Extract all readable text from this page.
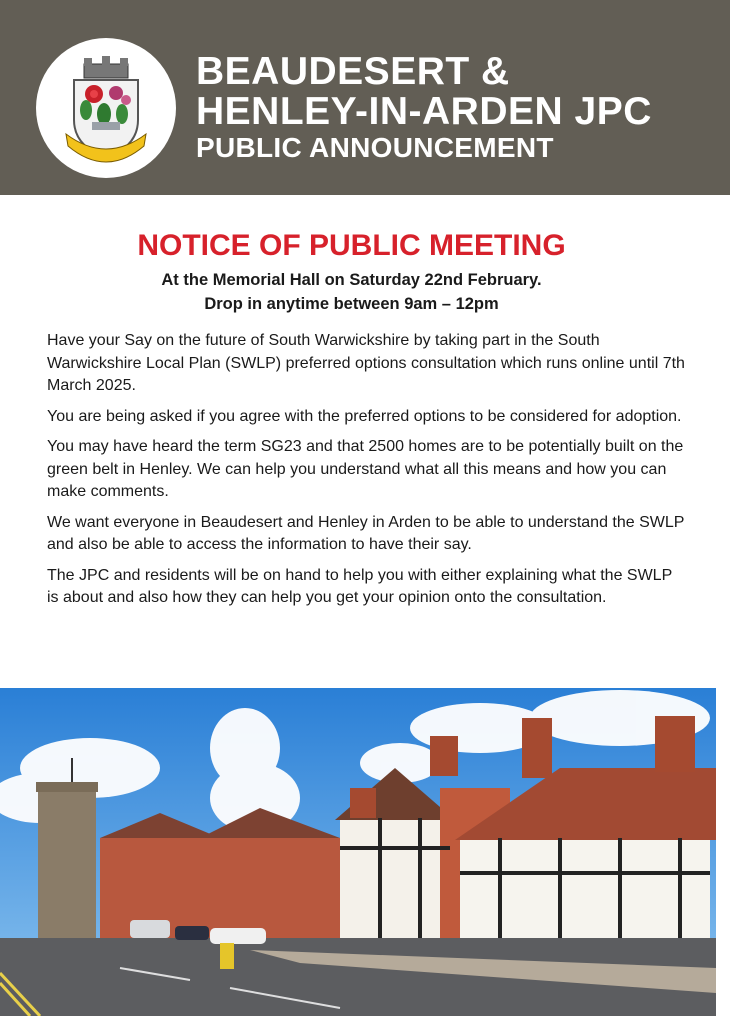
BEAUDESERT &
HENLEY-IN-ARDEN JPC
PUBLIC ANNOUNCEMENT
NOTICE OF PUBLIC MEETING
At the Memorial Hall on Saturday 22nd February.
Drop in anytime between 9am – 12pm

Have your Say on the future of South Warwickshire by taking part in the South Warwickshire Local Plan (SWLP) preferred options consultation which runs online until 7th March 2025.

You are being asked if you agree with the preferred options to be considered for adoption.

You may have heard the term SG23 and that 2500 homes are to be potentially built on the green belt in Henley. We can help you understand what all this means and how you can make comments.

We want everyone in Beaudesert and Henley in Arden to be able to understand the SWLP and also be able to access the information to have their say.

The JPC and residents will be on hand to help you with either explaining what the SWLP is about and also how they can help you get your opinion onto the consultation.
